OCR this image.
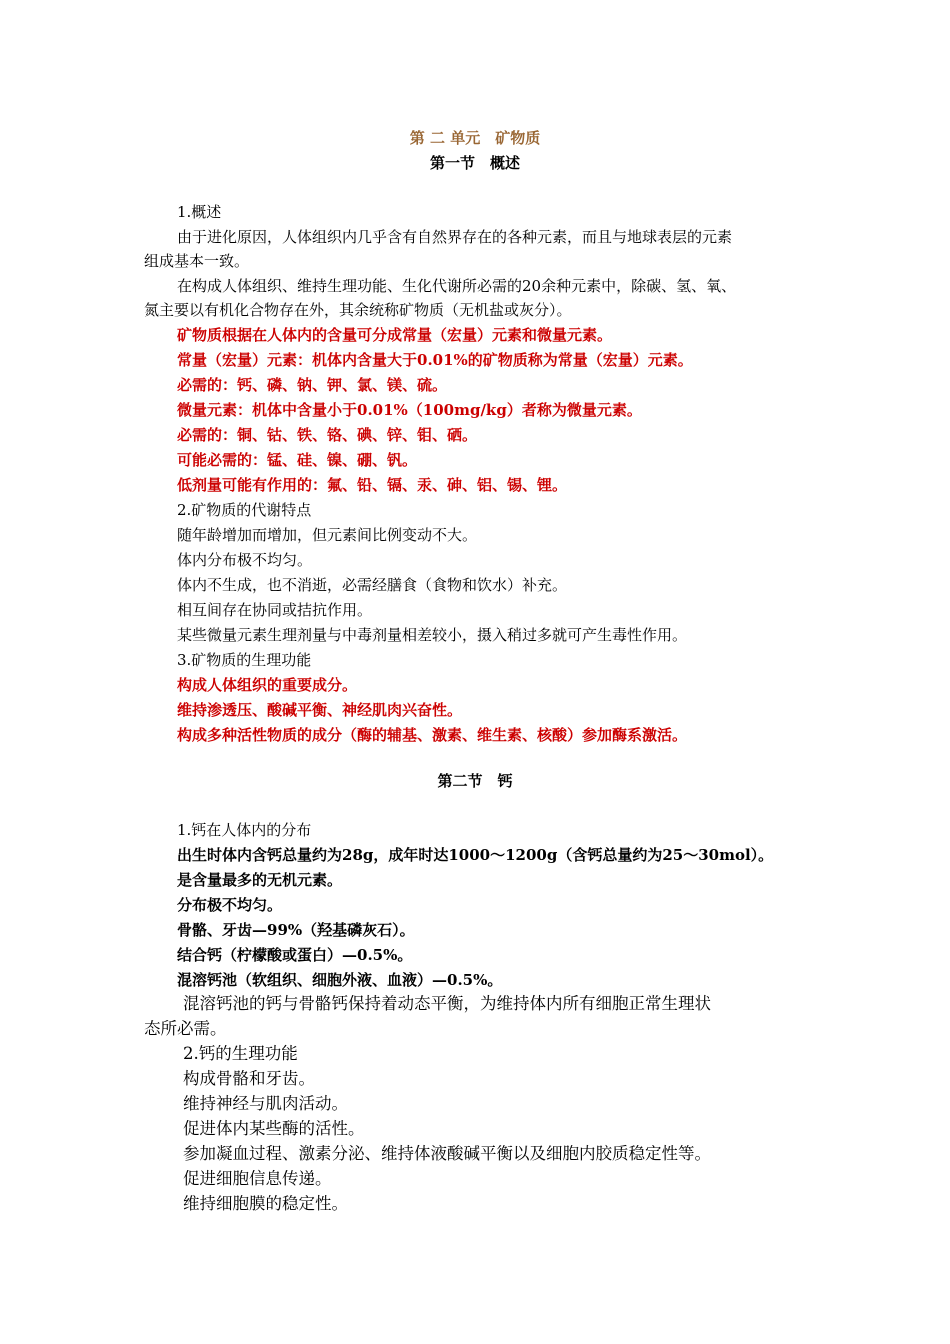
第 二 单元　矿物质
第一节　概述
1.概述
由于进化原因，人体组织内几乎含有自然界存在的各种元素，而且与地球表层的元素
组成基本一致。
在构成人体组织、维持生理功能、生化代谢所必需的20余种元素中，除碳、氢、氧、
氮主要以有机化合物存在外，其余统称矿物质（无机盐或灰分）。
矿物质根据在人体内的含量可分成常量（宏量）元素和微量元素。
常量（宏量）元素：机体内含量大于0.01%的矿物质称为常量（宏量）元素。
必需的：钙、磷、钠、钾、氯、镁、硫。
微量元素：机体中含量小于0.01%（100mg/kg）者称为微量元素。
必需的：铜、钴、铁、铬、碘、锌、钼、硒。
可能必需的：锰、硅、镍、硼、钒。
低剂量可能有作用的：氟、铅、镉、汞、砷、铝、锡、锂。
2.矿物质的代谢特点
随年龄增加而增加，但元素间比例变动不大。
体内分布极不均匀。
体内不生成，也不消逝，必需经膳食（食物和饮水）补充。
相互间存在协同或拮抗作用。
某些微量元素生理剂量与中毒剂量相差较小，摄入稍过多就可产生毒性作用。
3.矿物质的生理功能
构成人体组织的重要成分。
维持渗透压、酸碱平衡、神经肌肉兴奋性。
构成多种活性物质的成分（酶的辅基、激素、维生素、核酸）参加酶系激活。
第二节　钙
1.钙在人体内的分布
出生时体内含钙总量约为28g，成年时达1000～1200g（含钙总量约为25～30mol）。
是含量最多的无机元素。
分布极不均匀。
骨骼、牙齿—99%（羟基磷灰石）。
结合钙（柠檬酸或蛋白）—0.5%。
混溶钙池（软组织、细胞外液、血液）—0.5%。
混溶钙池的钙与骨骼钙保持着动态平衡，为维持体内所有细胞正常生理状
态所必需。
2.钙的生理功能
构成骨骼和牙齿。
维持神经与肌肉活动。
促进体内某些酶的活性。
参加凝血过程、激素分泌、维持体液酸碱平衡以及细胞内胶质稳定性等。
促进细胞信息传递。
维持细胞膜的稳定性。
